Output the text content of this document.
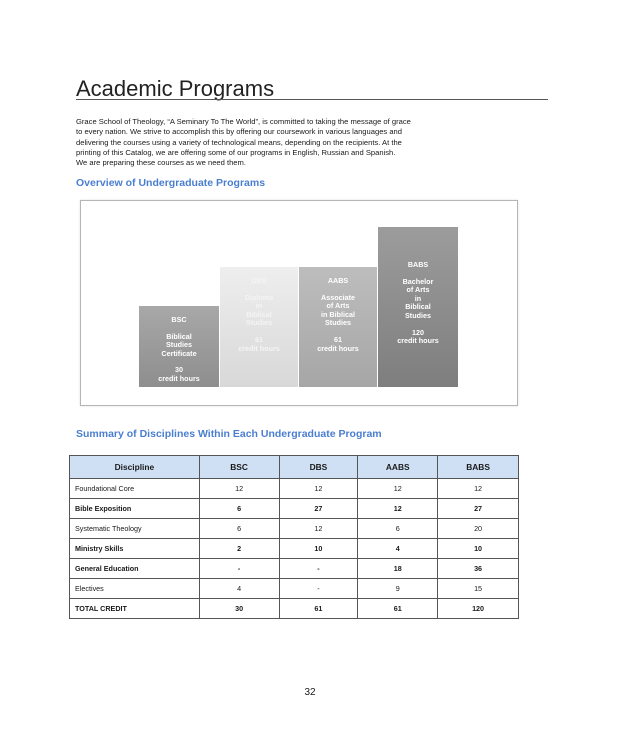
Academic Programs
Grace School of Theology, “A Seminary To The World”, is committed to taking the message of grace
to every nation. We strive to accomplish this by offering our coursework in various languages and
delivering the courses using a variety of technological means, depending on the recipients. At the
printing of this Catalog, we are offering some of our programs in English, Russian and Spanish.
We are preparing these courses as we need them.
Overview of Undergraduate Programs
BSC
Biblical
Studies
Certificate
30
credit hours
DBS
Diploma
in
Biblical
Studies
61
credit hours
AABS
Associate
of Arts
in Biblical
Studies
61
credit hours
BABS
Bachelor
of Arts
in
Biblical
Studies
120
credit hours
Summary of Disciplines Within Each Undergraduate Program
Discipline	BSC	DBS	AABS	BABS
Foundational Core	12	12	12	12
Bible Exposition	6	27	12	27
Systematic Theology	6	12	6	20
Ministry Skills	2	10	4	10
General Education	-	-	18	36
Electives	4	-	9	15
TOTAL CREDIT	30	61	61	120
32
